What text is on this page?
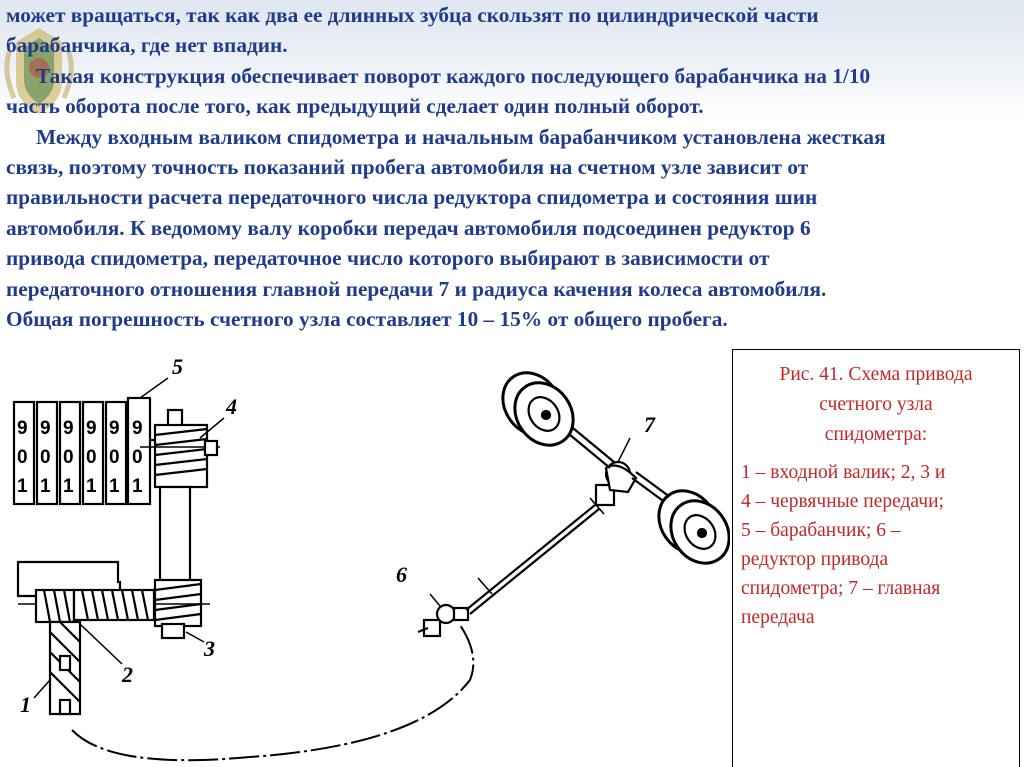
может вращаться, так как два ее длинных зубца скользят по цилиндрической части
барабанчика, где нет впадин.

Такая конструкция обеспечивает поворот каждого последующего барабанчика на 1/10
часть оборота после того, как предыдущий сделает один полный оборот.

Между входным валиком спидометра и начальным барабанчиком установлена жесткая
связь, поэтому точность показаний пробега автомобиля на счетном узле зависит от
правильности расчета передаточного числа редуктора спидометра и состояния шин
автомобиля. К ведомому валу коробки передач автомобиля подсоединен редуктор 6
привода спидометра, передаточное число которого выбирают в зависимости от
передаточного отношения главной передачи 7 и радиуса качения колеса автомобиля.
Общая погрешность счетного узла составляет 10 – 15% от общего пробега.

9 9 9 9 9 9
0 0 0 0 0 0
1 1 1 1 1 1
5
4
3
2
1
6
7
Рис. 41. Схема привода
счетного узла
спидометра:
1 – входной валик; 2, 3 и
4 – червячные передачи;
5 – барабанчик; 6 –
редуктор привода
спидометра; 7 – главная
передача
